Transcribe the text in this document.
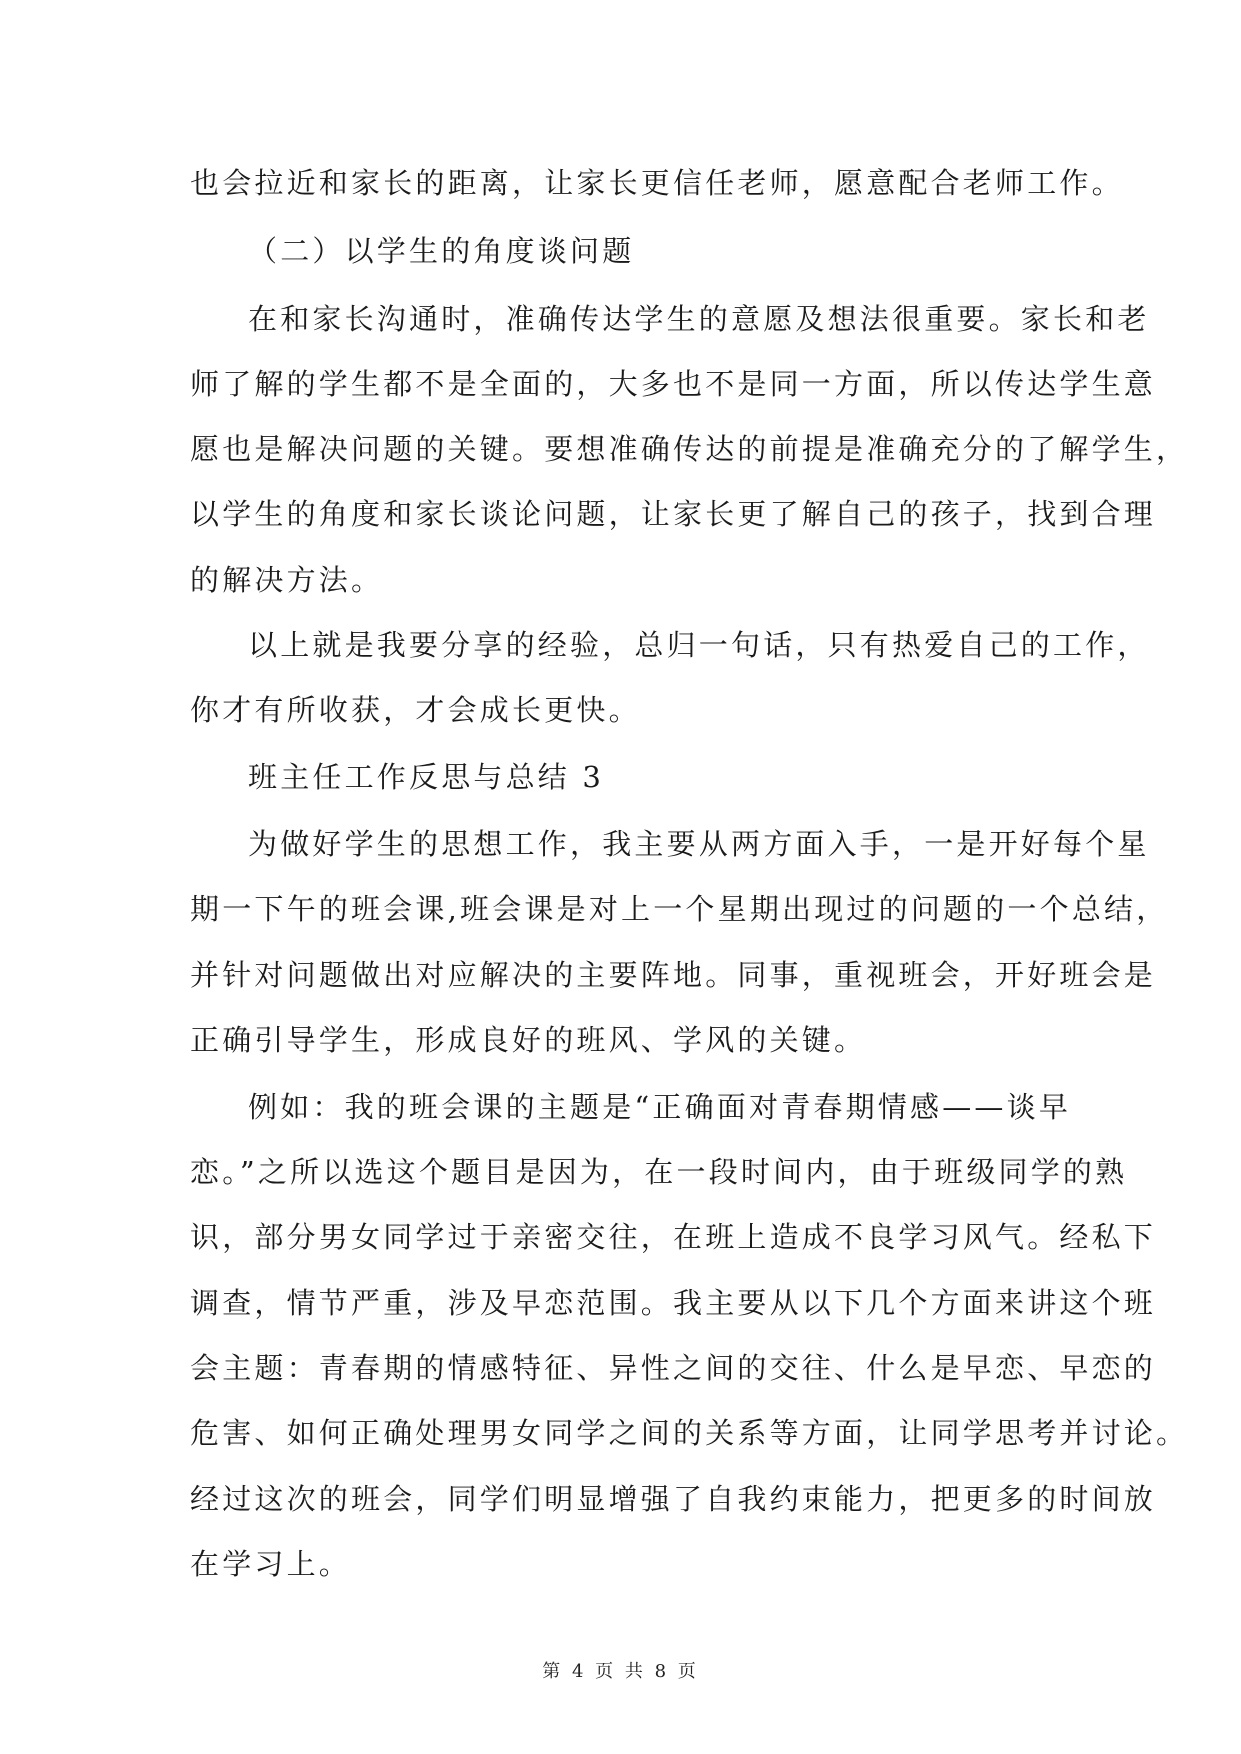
也会拉近和家长的距离，让家长更信任老师，愿意配合老师工作。
（二）以学生的角度谈问题
在和家长沟通时，准确传达学生的意愿及想法很重要。家长和老
师了解的学生都不是全面的，大多也不是同一方面，所以传达学生意
愿也是解决问题的关键。要想准确传达的前提是准确充分的了解学生，
以学生的角度和家长谈论问题，让家长更了解自己的孩子，找到合理
的解决方法。
以上就是我要分享的经验，总归一句话，只有热爱自己的工作，
你才有所收获，才会成长更快。
班主任工作反思与总结 3
为做好学生的思想工作，我主要从两方面入手，一是开好每个星
期一下午的班会课,班会课是对上一个星期出现过的问题的一个总结，
并针对问题做出对应解决的主要阵地。同事，重视班会，开好班会是
正确引导学生，形成良好的班风、学风的关键。
例如：我的班会课的主题是“正确面对青春期情感——谈早
恋。”之所以选这个题目是因为，在一段时间内，由于班级同学的熟
识，部分男女同学过于亲密交往，在班上造成不良学习风气。经私下
调查，情节严重，涉及早恋范围。我主要从以下几个方面来讲这个班
会主题：青春期的情感特征、异性之间的交往、什么是早恋、早恋的
危害、如何正确处理男女同学之间的关系等方面，让同学思考并讨论。
经过这次的班会，同学们明显增强了自我约束能力，把更多的时间放
在学习上。
第 4 页 共 8 页
